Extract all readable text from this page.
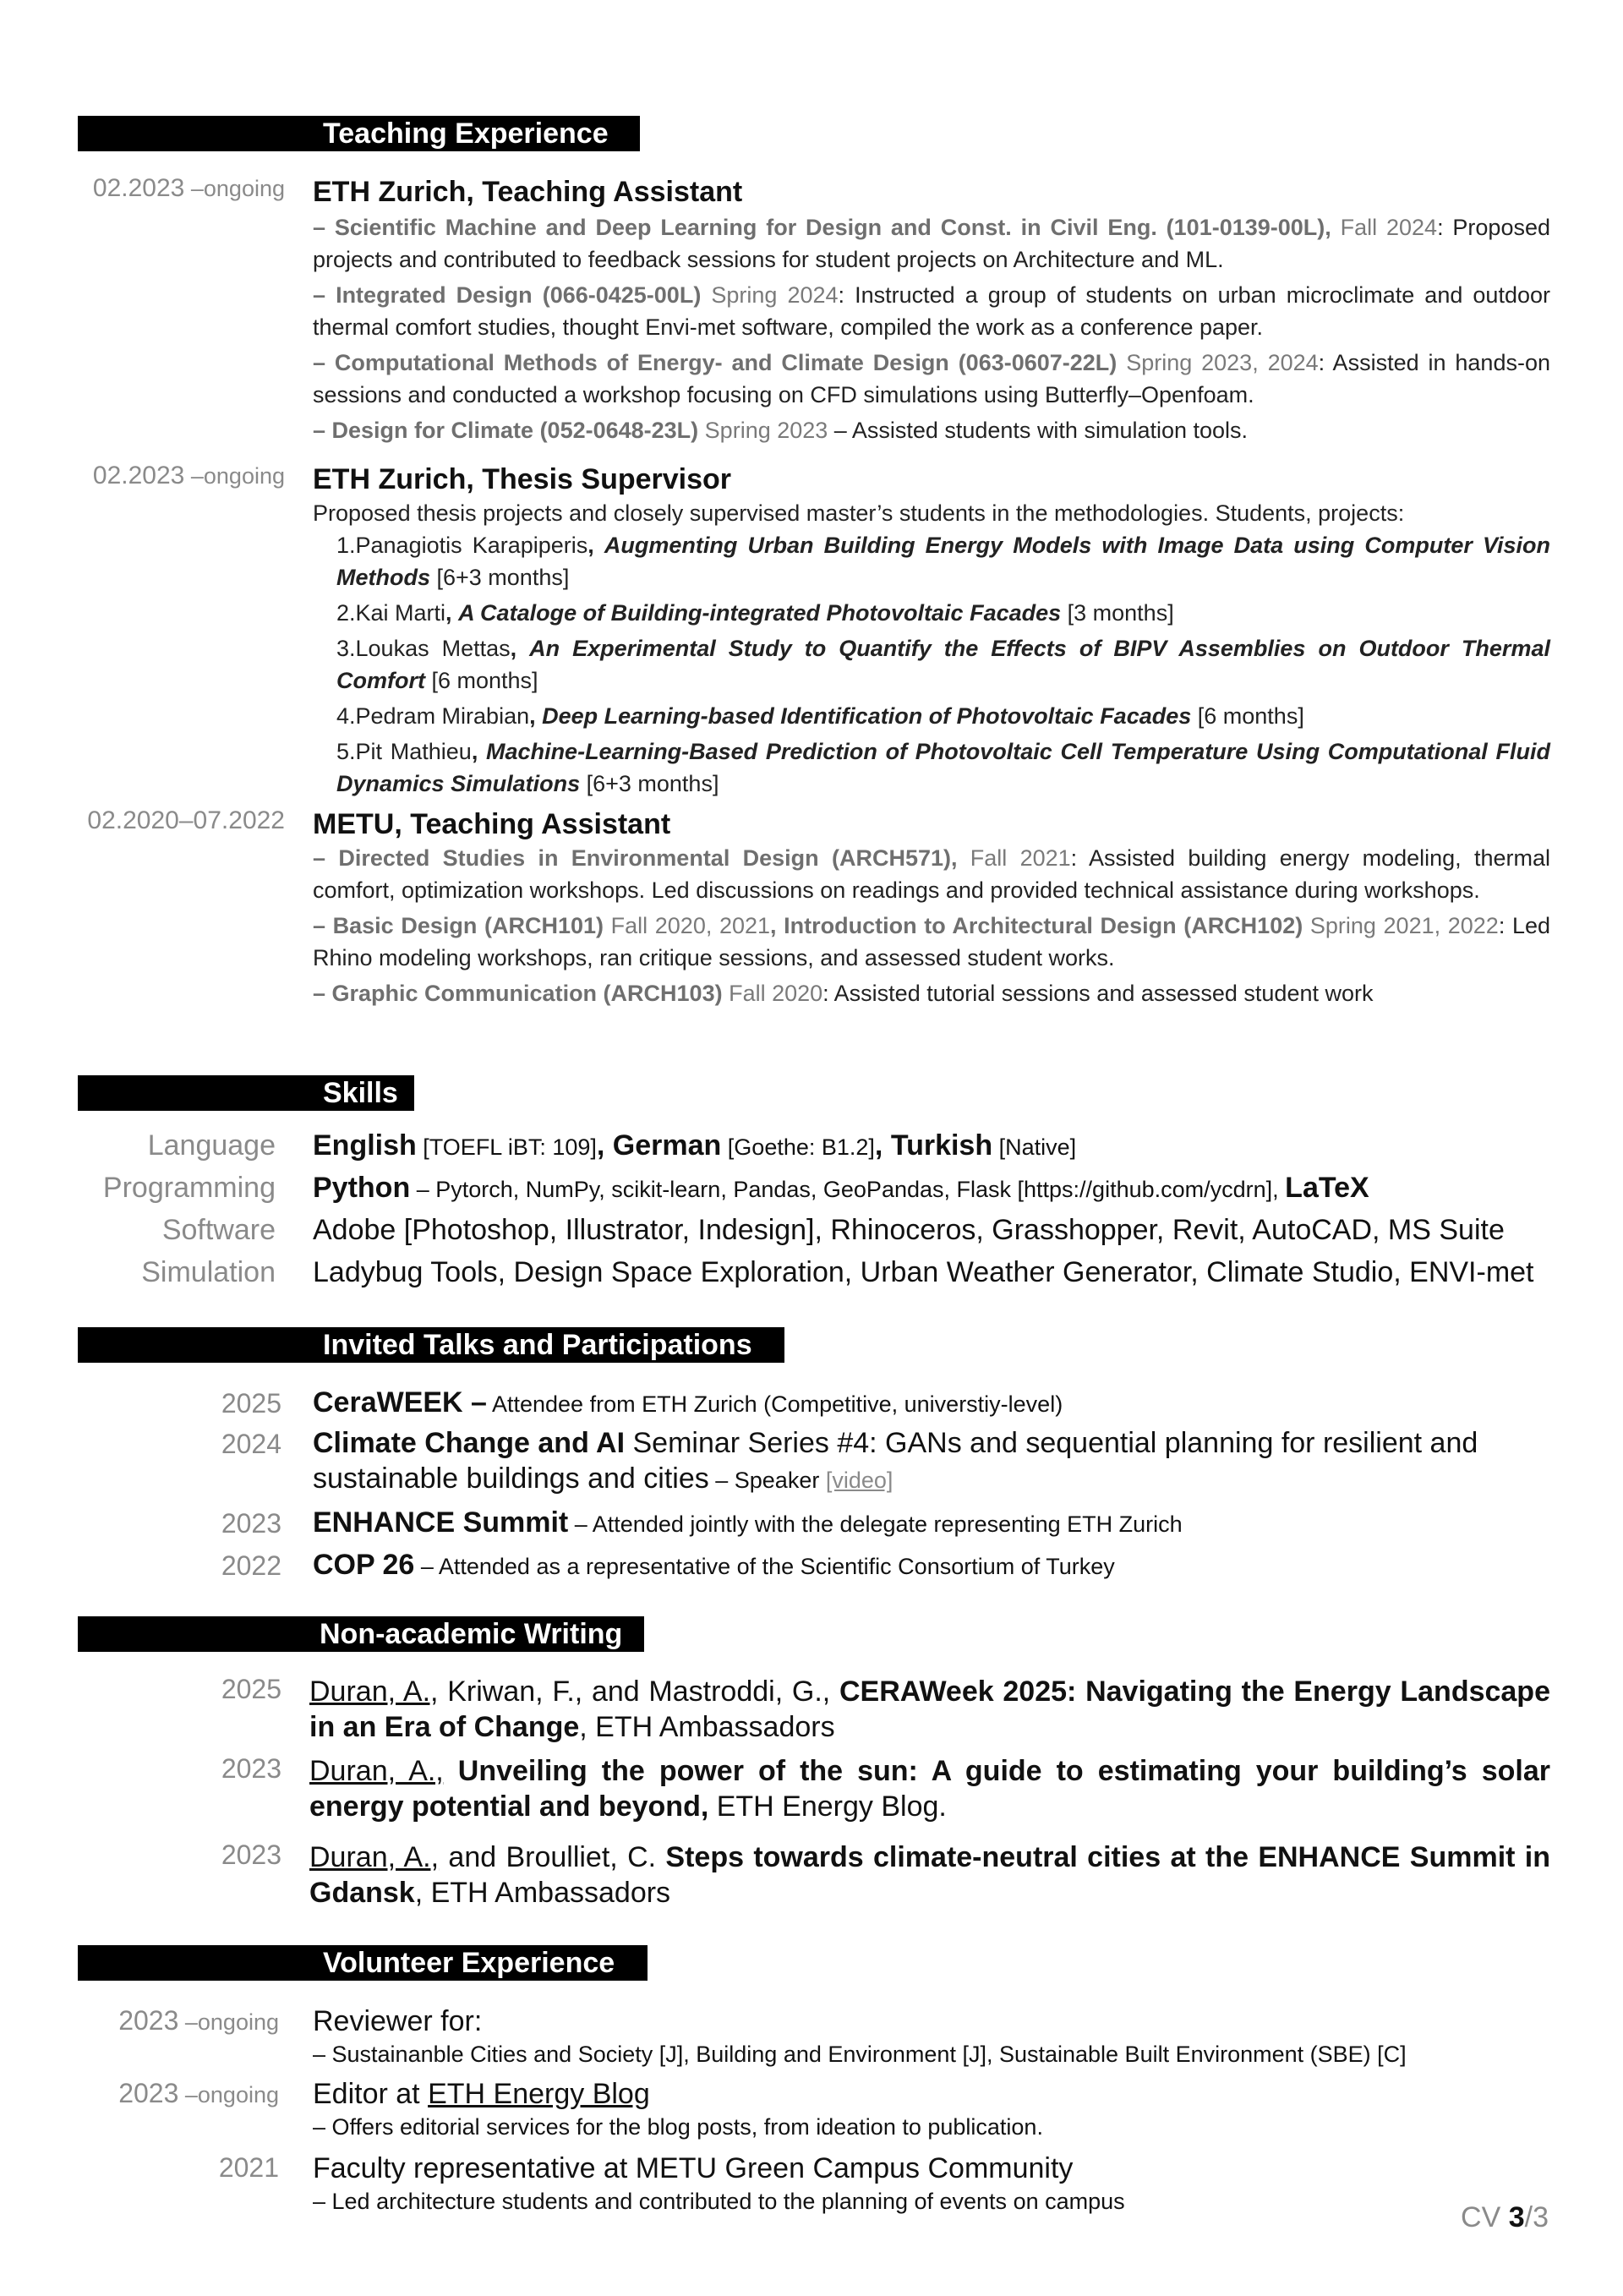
Teaching Experience
02.2023 –ongoing ETH Zurich, Teaching Assistant
– Scientific Machine and Deep Learning for Design and Const. in Civil Eng. (101-0139-00L), Fall 2024: Proposed projects and contributed to feedback sessions for student projects on Architecture and ML.
– Integrated Design (066-0425-00L) Spring 2024: Instructed a group of students on urban microclimate and outdoor thermal comfort studies, thought Envi-met software, compiled the work as a conference paper.
– Computational Methods of Energy- and Climate Design (063-0607-22L) Spring 2023, 2024: Assisted in hands-on sessions and conducted a workshop focusing on CFD simulations using Butterfly–Openfoam.
– Design for Climate (052-0648-23L) Spring 2023 – Assisted students with simulation tools.
02.2023 –ongoing ETH Zurich, Thesis Supervisor
Proposed thesis projects and closely supervised master’s students in the methodologies. Students, projects:
1.Panagiotis Karapiperis, Augmenting Urban Building Energy Models with Image Data using Computer Vision Methods [6+3 months]
2.Kai Marti, A Cataloge of Building-integrated Photovoltaic Facades [3 months]
3.Loukas Mettas, An Experimental Study to Quantify the Effects of BIPV Assemblies on Outdoor Thermal Comfort [6 months]
4.Pedram Mirabian, Deep Learning-based Identification of Photovoltaic Facades [6 months]
5.Pit Mathieu, Machine-Learning-Based Prediction of Photovoltaic Cell Temperature Using Computational Fluid Dynamics Simulations [6+3 months]
02.2020–07.2022 METU, Teaching Assistant
– Directed Studies in Environmental Design (ARCH571), Fall 2021: Assisted building energy modeling, thermal comfort, optimization workshops. Led discussions on readings and provided technical assistance during workshops.
– Basic Design (ARCH101) Fall 2020, 2021, Introduction to Architectural Design (ARCH102) Spring 2021, 2022: Led Rhino modeling workshops, ran critique sessions, and assessed student works.
– Graphic Communication (ARCH103) Fall 2020: Assisted tutorial sessions and assessed student work
Skills
Language English [TOEFL iBT: 109], German [Goethe: B1.2], Turkish [Native]
Programming Python – Pytorch, NumPy, scikit-learn, Pandas, GeoPandas, Flask [https://github.com/ycdrn], LaTeX
Software Adobe [Photoshop, Illustrator, Indesign], Rhinoceros, Grasshopper, Revit, AutoCAD, MS Suite
Simulation Ladybug Tools, Design Space Exploration, Urban Weather Generator, Climate Studio, ENVI-met
Invited Talks and Participations
2025 CeraWEEK – Attendee from ETH Zurich (Competitive, universtiy-level)
2024 Climate Change and AI Seminar Series #4: GANs and sequential planning for resilient and sustainable buildings and cities – Speaker [video]
2023 ENHANCE Summit – Attended jointly with the delegate representing ETH Zurich
2022 COP 26 – Attended as a representative of the Scientific Consortium of Turkey
Non-academic Writing
2025 Duran, A., Kriwan, F., and Mastroddi, G., CERAWeek 2025: Navigating the Energy Landscape in an Era of Change, ETH Ambassadors
2023 Duran, A., Unveiling the power of the sun: A guide to estimating your building’s solar energy potential and beyond, ETH Energy Blog.
2023 Duran, A., and Broulliet, C. Steps towards climate-neutral cities at the ENHANCE Summit in Gdansk, ETH Ambassadors
Volunteer Experience
2023 –ongoing Reviewer for:
– Sustainanble Cities and Society [J], Building and Environment [J], Sustainable Built Environment (SBE) [C]
2023 –ongoing Editor at ETH Energy Blog
– Offers editorial services for the blog posts, from ideation to publication.
2021 Faculty representative at METU Green Campus Community
– Led architecture students and contributed to the planning of events on campus	CV 3/3
